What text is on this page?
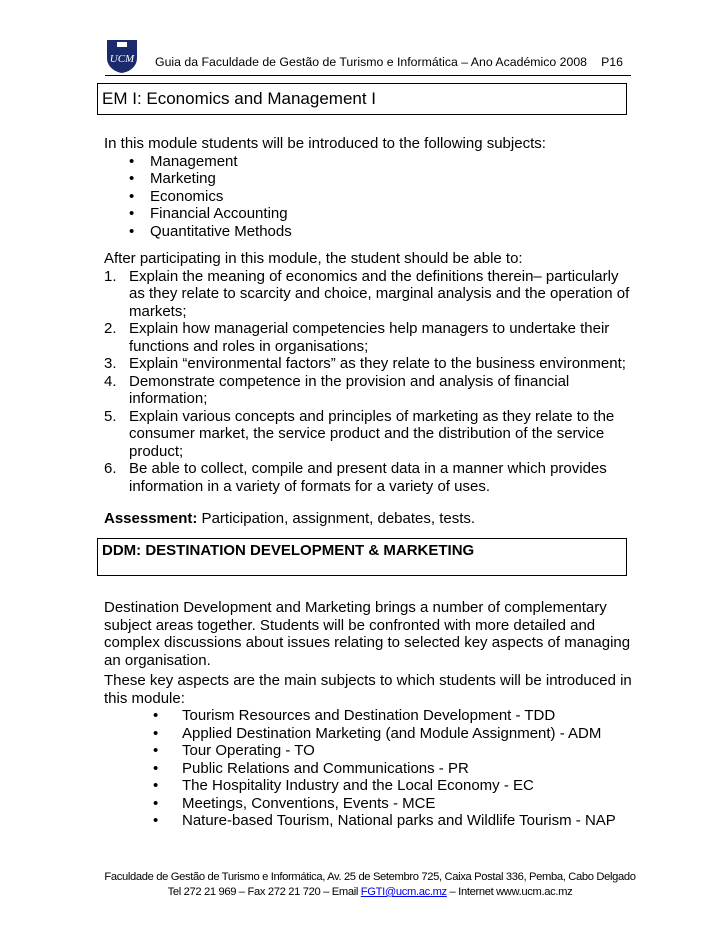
UCM Guia da Faculdade de Gestão de Turismo e Informática – Ano Académico 2008 P16
EM I: Economics and Management I

In this module students will be introduced to the following subjects:

• Management
• Marketing
• Economics
• Financial Accounting
• Quantitative Methods

After participating in this module, the student should be able to:

1. Explain the meaning of economics and the definitions therein– particularly as they relate to scarcity and choice, marginal analysis and the operation of markets;
2. Explain how managerial competencies help managers to undertake their functions and roles in organisations;
3. Explain “environmental factors” as they relate to the business environment;
4. Demonstrate competence in the provision and analysis of financial information;
5. Explain various concepts and principles of marketing as they relate to the consumer market, the service product and the distribution of the service product;
6. Be able to collect, compile and present data in a manner which provides information in a variety of formats for a variety of uses.

Assessment: Participation, assignment, debates, tests.

DDM: DESTINATION DEVELOPMENT & MARKETING

Destination Development and Marketing brings a number of complementary subject areas together. Students will be confronted with more detailed and complex discussions about issues relating to selected key aspects of managing an organisation.

These key aspects are the main subjects to which students will be introduced in this module:

• Tourism Resources and Destination Development - TDD
• Applied Destination Marketing (and Module Assignment) - ADM
• Tour Operating - TO
• Public Relations and Communications - PR
• The Hospitality Industry and the Local Economy - EC
• Meetings, Conventions, Events - MCE
• Nature-based Tourism, National parks and Wildlife Tourism - NAP
Faculdade de Gestão de Turismo e Informática, Av. 25 de Setembro 725, Caixa Postal 336, Pemba, Cabo Delgado
Tel 272 21 969 – Fax 272 21 720 – Email FGTI@ucm.ac.mz – Internet www.ucm.ac.mz
